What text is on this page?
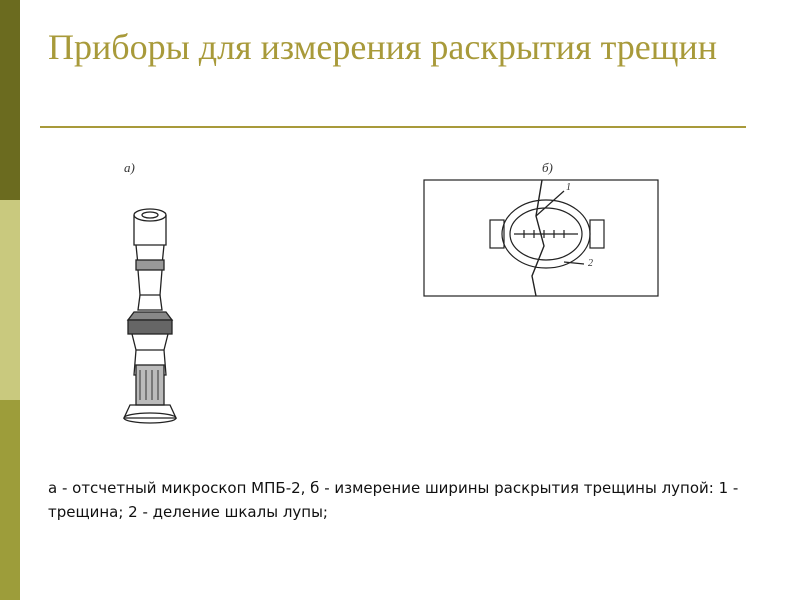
Приборы для измерения раскрытия трещин
а)	б)
1
2

а - отсчетный микроскоп МПБ-2, б - измерение ширины раскрытия трещины лупой: 1 - трещина; 2 - деление шкалы лупы;
